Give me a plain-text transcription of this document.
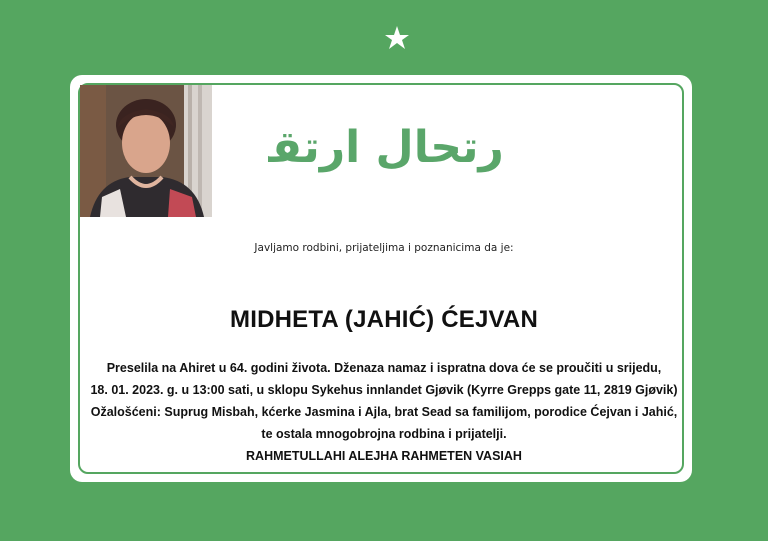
ارتحال ارتقا
Javljamo rodbini, prijateljima i poznanicima da je:
MIDHETA (JAHIĆ) ĆEJVAN
Preselila na Ahiret u 64. godini života. Dženaza namaz i ispratna dova će se proučiti u srijedu,
18. 01. 2023. g. u 13:00 sati, u sklopu Sykehus innlandet Gjøvik (Kyrre Grepps gate 11, 2819 Gjøvik)
Ožalošćeni: Suprug Misbah, kćerke Jasmina i Ajla, brat Sead sa familijom, porodice Ćejvan i Jahić,
te ostala mnogobrojna rodbina i prijatelji.
RAHMETULLAHI ALEJHA RAHMETEN VASIAH
